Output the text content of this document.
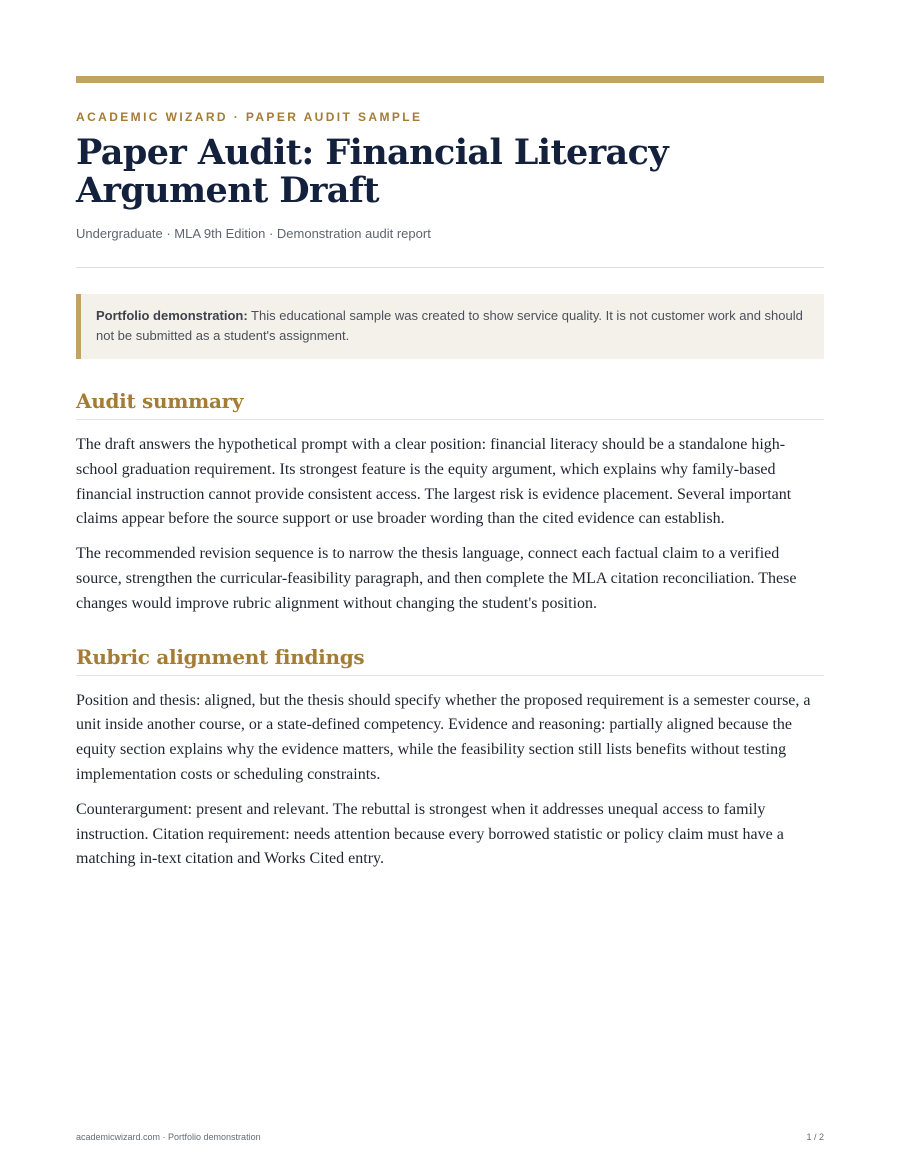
ACADEMIC WIZARD · PAPER AUDIT SAMPLE
Paper Audit: Financial Literacy Argument Draft
Undergraduate · MLA 9th Edition · Demonstration audit report
Portfolio demonstration: This educational sample was created to show service quality. It is not customer work and should not be submitted as a student's assignment.
Audit summary

The draft answers the hypothetical prompt with a clear position: financial literacy should be a standalone high-school graduation requirement. Its strongest feature is the equity argument, which explains why family-based financial instruction cannot provide consistent access. The largest risk is evidence placement. Several important claims appear before the source support or use broader wording than the cited evidence can establish.

The recommended revision sequence is to narrow the thesis language, connect each factual claim to a verified source, strengthen the curricular-feasibility paragraph, and then complete the MLA citation reconciliation. These changes would improve rubric alignment without changing the student's position.

Rubric alignment findings

Position and thesis: aligned, but the thesis should specify whether the proposed requirement is a semester course, a unit inside another course, or a state-defined competency. Evidence and reasoning: partially aligned because the equity section explains why the evidence matters, while the feasibility section still lists benefits without testing implementation costs or scheduling constraints.

Counterargument: present and relevant. The rebuttal is strongest when it addresses unequal access to family instruction. Citation requirement: needs attention because every borrowed statistic or policy claim must have a matching in-text citation and Works Cited entry.

academicwizard.com · Portfolio demonstration	1 / 2
